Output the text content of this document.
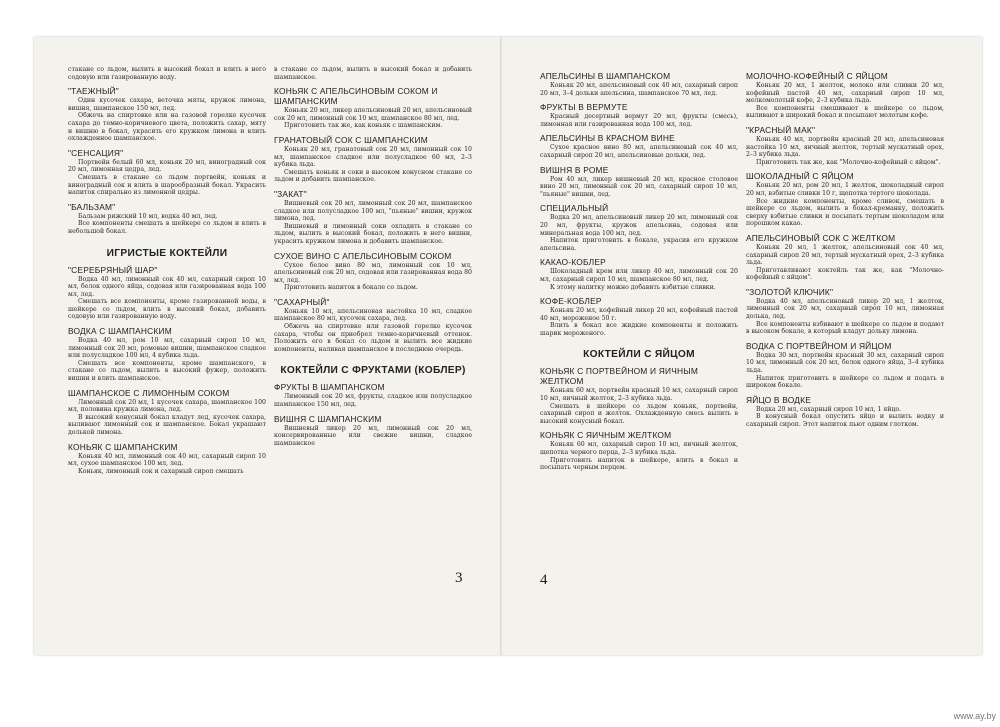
стакане со льдом, вылить в высокий бокал и влить в него содовую или газированную воду.
"ТАЕЖНЫЙ"
Один кусочек сахара, веточка мяты, кружок лимона, вишня, шампанское 150 мл, лед.
Обжечь на спиртовке или на газовой горелке кусочек сахара до темно-коричневого цвета, положить сахар, мяту и вишню в бокал, украсить его кружком лимона и влить охлажденное шампанское.
"СЕНСАЦИЯ"
Портвейн белый 60 мл, коньяк 20 мл, виноградный сок 20 мл, лимонная цедра, лед.
Смешать в стакане со льдом портвейн, коньяк и виноградный сок и влить в шарообразный бокал. Украсить напиток спирально из лимонной цедры.
"БАЛЬЗАМ"
Бальзам рижский 10 мл, водка 40 мл, лед.
Все компоненты смешать в шейкере со льдом и влить в небольшой бокал.
ИГРИСТЫЕ КОКТЕЙЛИ
"СЕРЕБРЯНЫЙ ШАР"
Водка 40 мл, лимонный сок 40 мл, сахарный сироп 10 мл, белок одного яйца, содовая или газированная вода 100 мл, лед.
Смешать все компоненты, кроме газированной воды, в шейкере со льдом, влить в высокий бокал, добавить содовую или газированную воду.
ВОДКА С ШАМПАНСКИМ
Водка 40 мл, ром 10 мл, сахарный сироп 10 мл, лимонный сок 20 мл, ромовые вишни, шампанское сладкое или полусладкое 100 мл, 4 кубика льда.
Смешать все компоненты, кроме шампанского, в стакане со льдом, вылить в высокий фужер, положить вишни и влить шампанское.
ШАМПАНСКОЕ С ЛИМОННЫМ СОКОМ
Лимонный сок 20 мл, 1 кусочек сахара, шампанское 100 мл, половина кружка лимона, лед.
В высокий конусный бокал кладут лед, кусочек сахара, выливают лимонный сок и шампанское. Бокал украшают долькой лимона.
КОНЬЯК С ШАМПАНСКИМ
Коньяк 40 мл, лимонный сок 40 мл, сахарный сироп 10 мл, сухое шампанское 100 мл, лед.
Коньяк, лимонный сок и сахарный сироп смешать
в стакане со льдом, вылить в высокий бокал и добавить шампанское.
КОНЬЯК С АПЕЛЬСИНОВЫМ СОКОМ И ШАМПАНСКИМ
Коньяк 20 мл, ликер апельсиновый 20 мл, апельсиновый сок 20 мл, лимонный сок 10 мл, шампанское 80 мл, лед.
Приготовить так же, как коньяк с шампанским.
ГРАНАТОВЫЙ СОК С ШАМПАНСКИМ
Коньяк 20 мл, гранатовый сок 20 мл, лимонный сок 10 мл, шампанское сладкое или полусладкое 60 мл, 2–3 кубика льда.
Смешать коньяк и соки в высоком конусном стакане со льдом и добавить шампанское.
"ЗАКАТ"
Вишневый сок 20 мл, лимонный сок 20 мл, шампанское сладкое или полусладкое 100 мл, "пьяные" вишни, кружок лимона, лед.
Вишневый и лимонный соки охладить в стакане со льдом, вылить в высокий бокал, положить в него вишни, украсить кружком лимона и добавить шампанское.
СУХОЕ ВИНО С АПЕЛЬСИНОВЫМ СОКОМ
Сухое белое вино 80 мл, лимонный сок 10 мл, апельсиновый сок 20 мл, содовая или газированная вода 80 мл, лед.
Приготовить напиток в бокале со льдом.
"САХАРНЫЙ"
Коньяк 10 мл, апельсиновая настойка 10 мл, сладкое шампанское 80 мл, кусочек сахара, лед.
Обжечь на спиртовке или газовой горелке кусочек сахара, чтобы он приобрел темно-коричневый оттенок. Положить его в бокал со льдом и вылить все жидкие компоненты, наливая шампанское в последнюю очередь.
КОКТЕЙЛИ С ФРУКТАМИ (КОБЛЕР)
ФРУКТЫ В ШАМПАНСКОМ
Лимонный сок 20 мл, фрукты, сладкое или полусладкое шампанское 150 мл, лед.
ВИШНЯ С ШАМПАНСКИМ
Вишневый ликер 20 мл, лимонный сок 20 мл, консервированные или свежие вишни, сладкое шампанское
АПЕЛЬСИНЫ В ШАМПАНСКОМ
Коньяк 20 мл, апельсиновый сок 40 мл, сахарный сироп 20 мл, 3–4 дольки апельсина, шампанское 70 мл, лед.
ФРУКТЫ В ВЕРМУТЕ
Красный десертный вермут 20 мл, фрукты (смесь), лимонная или газированная вода 100 мл, лед.
АПЕЛЬСИНЫ В КРАСНОМ ВИНЕ
Сухое красное вино 80 мл, апельсиновый сок 40 мл, сахарный сироп 20 мл, апельсиновые дольки, лед.
ВИШНЯ В РОМЕ
Ром 40 мл, ликер вишневый 20 мл, красное столовое вино 20 мл, лимонный сок 20 мл, сахарный сироп 10 мл, "пьяные" вишни, лед.
СПЕЦИАЛЬНЫЙ
Водка 20 мл, апельсиновый ликер 20 мл, лимонный сок 20 мл, фрукты, кружок апельсина, содовая или минеральная вода 100 мл, лед.
Напиток приготовить в бокале, украсив его кружком апельсина.
КАКАО-КОБЛЕР
Шоколадный крем или ликер 40 мл, лимонный сок 20 мл, сахарный сироп 10 мл, шампанское 80 мл, лед.
К этому напитку можно добавить взбитые сливки.
КОФЕ-КОБЛЕР
Коньяк 20 мл, кофейный ликер 20 мл, кофейный пастой 40 мл, мороженое 50 г.
Влить в бокал все жидкие компоненты и положить шарик мороженого.
КОКТЕЙЛИ С ЯЙЦОМ
КОНЬЯК С ПОРТВЕЙНОМ И ЯИЧНЫМ ЖЕЛТКОМ
Коньяк 60 мл, портвейн красный 10 мл, сахарный сироп 10 мл, яичный желток, 2–3 кубика льда.
Смешать в шейкере со льдом коньяк, портвейн, сахарный сироп и желток. Охлажденную смесь вылить в высокий конусный бокал.
КОНЬЯК С ЯИЧНЫМ ЖЕЛТКОМ
Коньяк 60 мл, сахарный сироп 10 мл, яичный желток, щепотка черного перца, 2–3 кубика льда.
Приготовить напиток в шейкере, влить в бокал и посыпать черным перцем.
МОЛОЧНО-КОФЕЙНЫЙ С ЯЙЦОМ
Коньяк 20 мл, 1 желток, молоко или сливки 20 мл, кофейный пастой 40 мл, сахарный сироп 10 мл, мелкомолотый кофе, 2–3 кубика льда.
Все компоненты смешивают в шейкере со льдом, выливают в широкий бокал и посыпают молотым кофе.
"КРАСНЫЙ МАК"
Коньяк 40 мл, портвейн красный 20 мл, апельсиновая настойка 10 мл, яичный желток, тертый мускатный орех, 2–3 кубика льда.
Приготовить так же, как "Молочно-кофейный с яйцом".
ШОКОЛАДНЫЙ С ЯЙЦОМ
Коньяк 20 мл, ром 20 мл, 1 желток, шоколадный сироп 20 мл, взбитые сливки 10 г, щепотка тертого шоколада.
Все жидкие компоненты, кроме сливок, смешать в шейкере со льдом, вылить в бокал-креманку, положить сверху взбитые сливки и посыпать тертым шоколадом или порошком какао.
АПЕЛЬСИНОВЫЙ СОК С ЖЕЛТКОМ
Коньяк 20 мл, 1 желток, апельсиновый сок 40 мл, сахарный сироп 20 мл, тертый мускатный орех, 2–3 кубика льда.
Приготавливают коктейль так же, как "Молочно-кофейный с яйцом".
"ЗОЛОТОЙ КЛЮЧИК"
Водка 40 мл, апельсиновый ликер 20 мл, 1 желток, лимонный сок 20 мл, сахарный сироп 10 мл, лимонная долька, лед.
Все компоненты взбивают в шейкере со льдом и подают в высоком бокале, в который кладут дольку лимона.
ВОДКА С ПОРТВЕЙНОМ И ЯЙЦОМ
Водка 30 мл, портвейн красный 30 мл, сахарный сироп 10 мл, лимонный сок 20 мл, белок одного яйца, 3–4 кубика льда.
Напиток приготовить в шейкере со льдом и подать в широком бокале.
ЯЙЦО В ВОДКЕ
Водка 20 мл, сахарный сироп 10 мл, 1 яйцо.
В конусный бокал опустить яйцо и вылить водку и сахарный сироп. Этот напиток пьют одним глотком.
3	4
www.ay.by
